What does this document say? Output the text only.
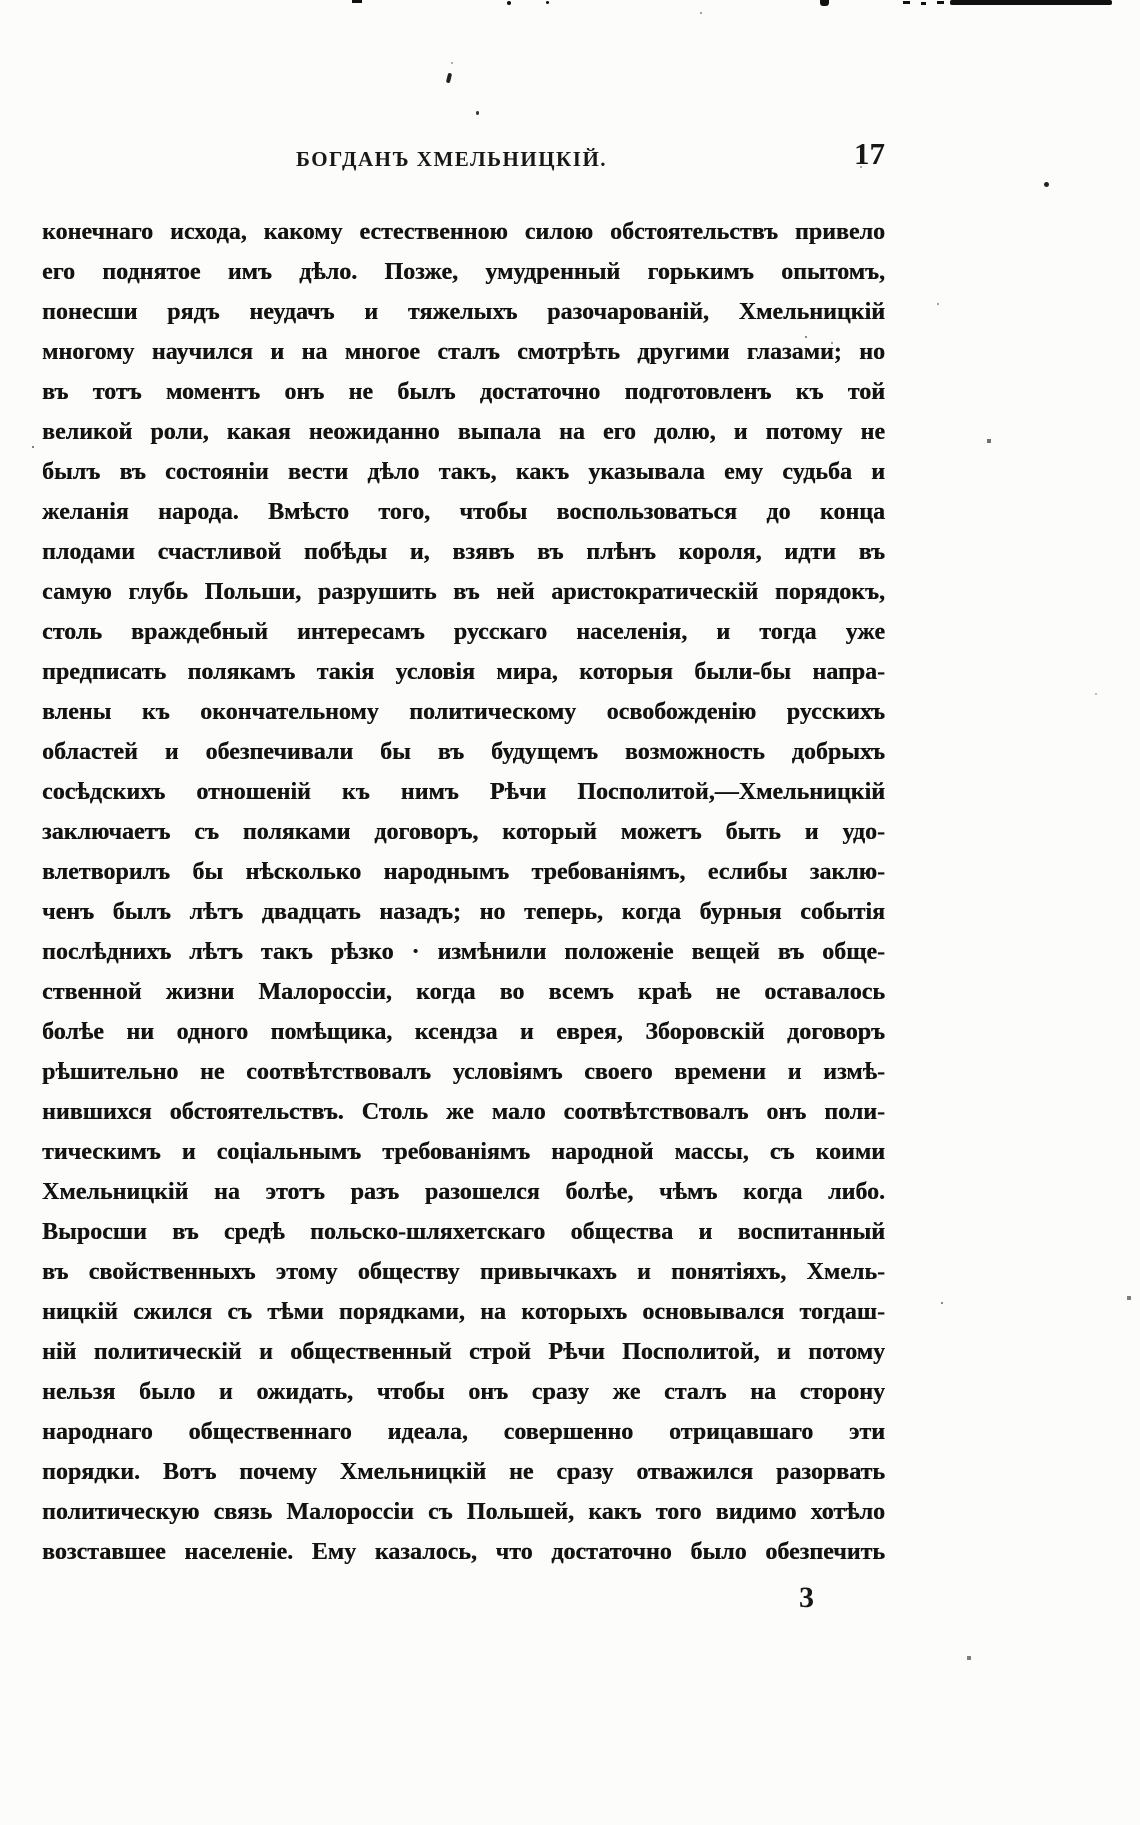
БОГДАНЪ ХМЕЛЬНИЦКІЙ.	17
конечнаго исхода, какому естественною силою обстоятельствъ привело
его поднятое имъ дѣло. Позже, умудренный горькимъ опытомъ,
понесши рядъ неудачъ и тяжелыхъ разочарованій, Хмельницкій
многому научился и на многое сталъ смотрѣть другими глазами; но
въ тотъ моментъ онъ не былъ достаточно подготовленъ къ той
великой роли, какая неожиданно выпала на его долю, и потому не
былъ въ состояніи вести дѣло такъ, какъ указывала ему судьба и
желанія народа. Вмѣсто того, чтобы воспользоваться до конца
плодами счастливой побѣды и, взявъ въ плѣнъ короля, идти въ
самую глубь Польши, разрушить въ ней аристократическій порядокъ,
столь враждебный интересамъ русскаго населенія, и тогда уже
предписать полякамъ такія условія мира, которыя были-бы напра-
влены къ окончательному политическому освобожденію русскихъ
областей и обезпечивали бы въ будущемъ возможность добрыхъ
сосѣдскихъ отношеній къ нимъ Рѣчи Посполитой,—Хмельницкій
заключаетъ съ поляками договоръ, который можетъ быть и удо-
влетворилъ бы нѣсколько народнымъ требованіямъ, еслибы заклю-
ченъ былъ лѣтъ двадцать назадъ; но теперь, когда бурныя событія
послѣднихъ лѣтъ такъ рѣзко · измѣнили положеніе вещей въ обще-
ственной жизни Малороссіи, когда во всемъ краѣ не оставалось
болѣе ни одного помѣщика, ксендза и еврея, Зборовскій договоръ
рѣшительно не соотвѣтствовалъ условіямъ своего времени и измѣ-
нившихся обстоятельствъ. Столь же мало соотвѣтствовалъ онъ поли-
тическимъ и соціальнымъ требованіямъ народной массы, съ коими
Хмельницкій на этотъ разъ разошелся болѣе, чѣмъ когда либо.
Выросши въ средѣ польско-шляхетскаго общества и воспитанный
въ свойственныхъ этому обществу привычкахъ и понятіяхъ, Хмель-
ницкій сжился съ тѣми порядками, на которыхъ основывался тогдаш-
ній политическій и общественный строй Рѣчи Посполитой, и потому
нельзя было и ожидать, чтобы онъ сразу же сталъ на сторону
народнаго общественнаго идеала, совершенно отрицавшаго эти
порядки. Вотъ почему Хмельницкій не сразу отважился разорвать
политическую связь Малороссіи съ Польшей, какъ того видимо хотѣло
возставшее населеніе. Ему казалось, что достаточно было обезпечить
3
